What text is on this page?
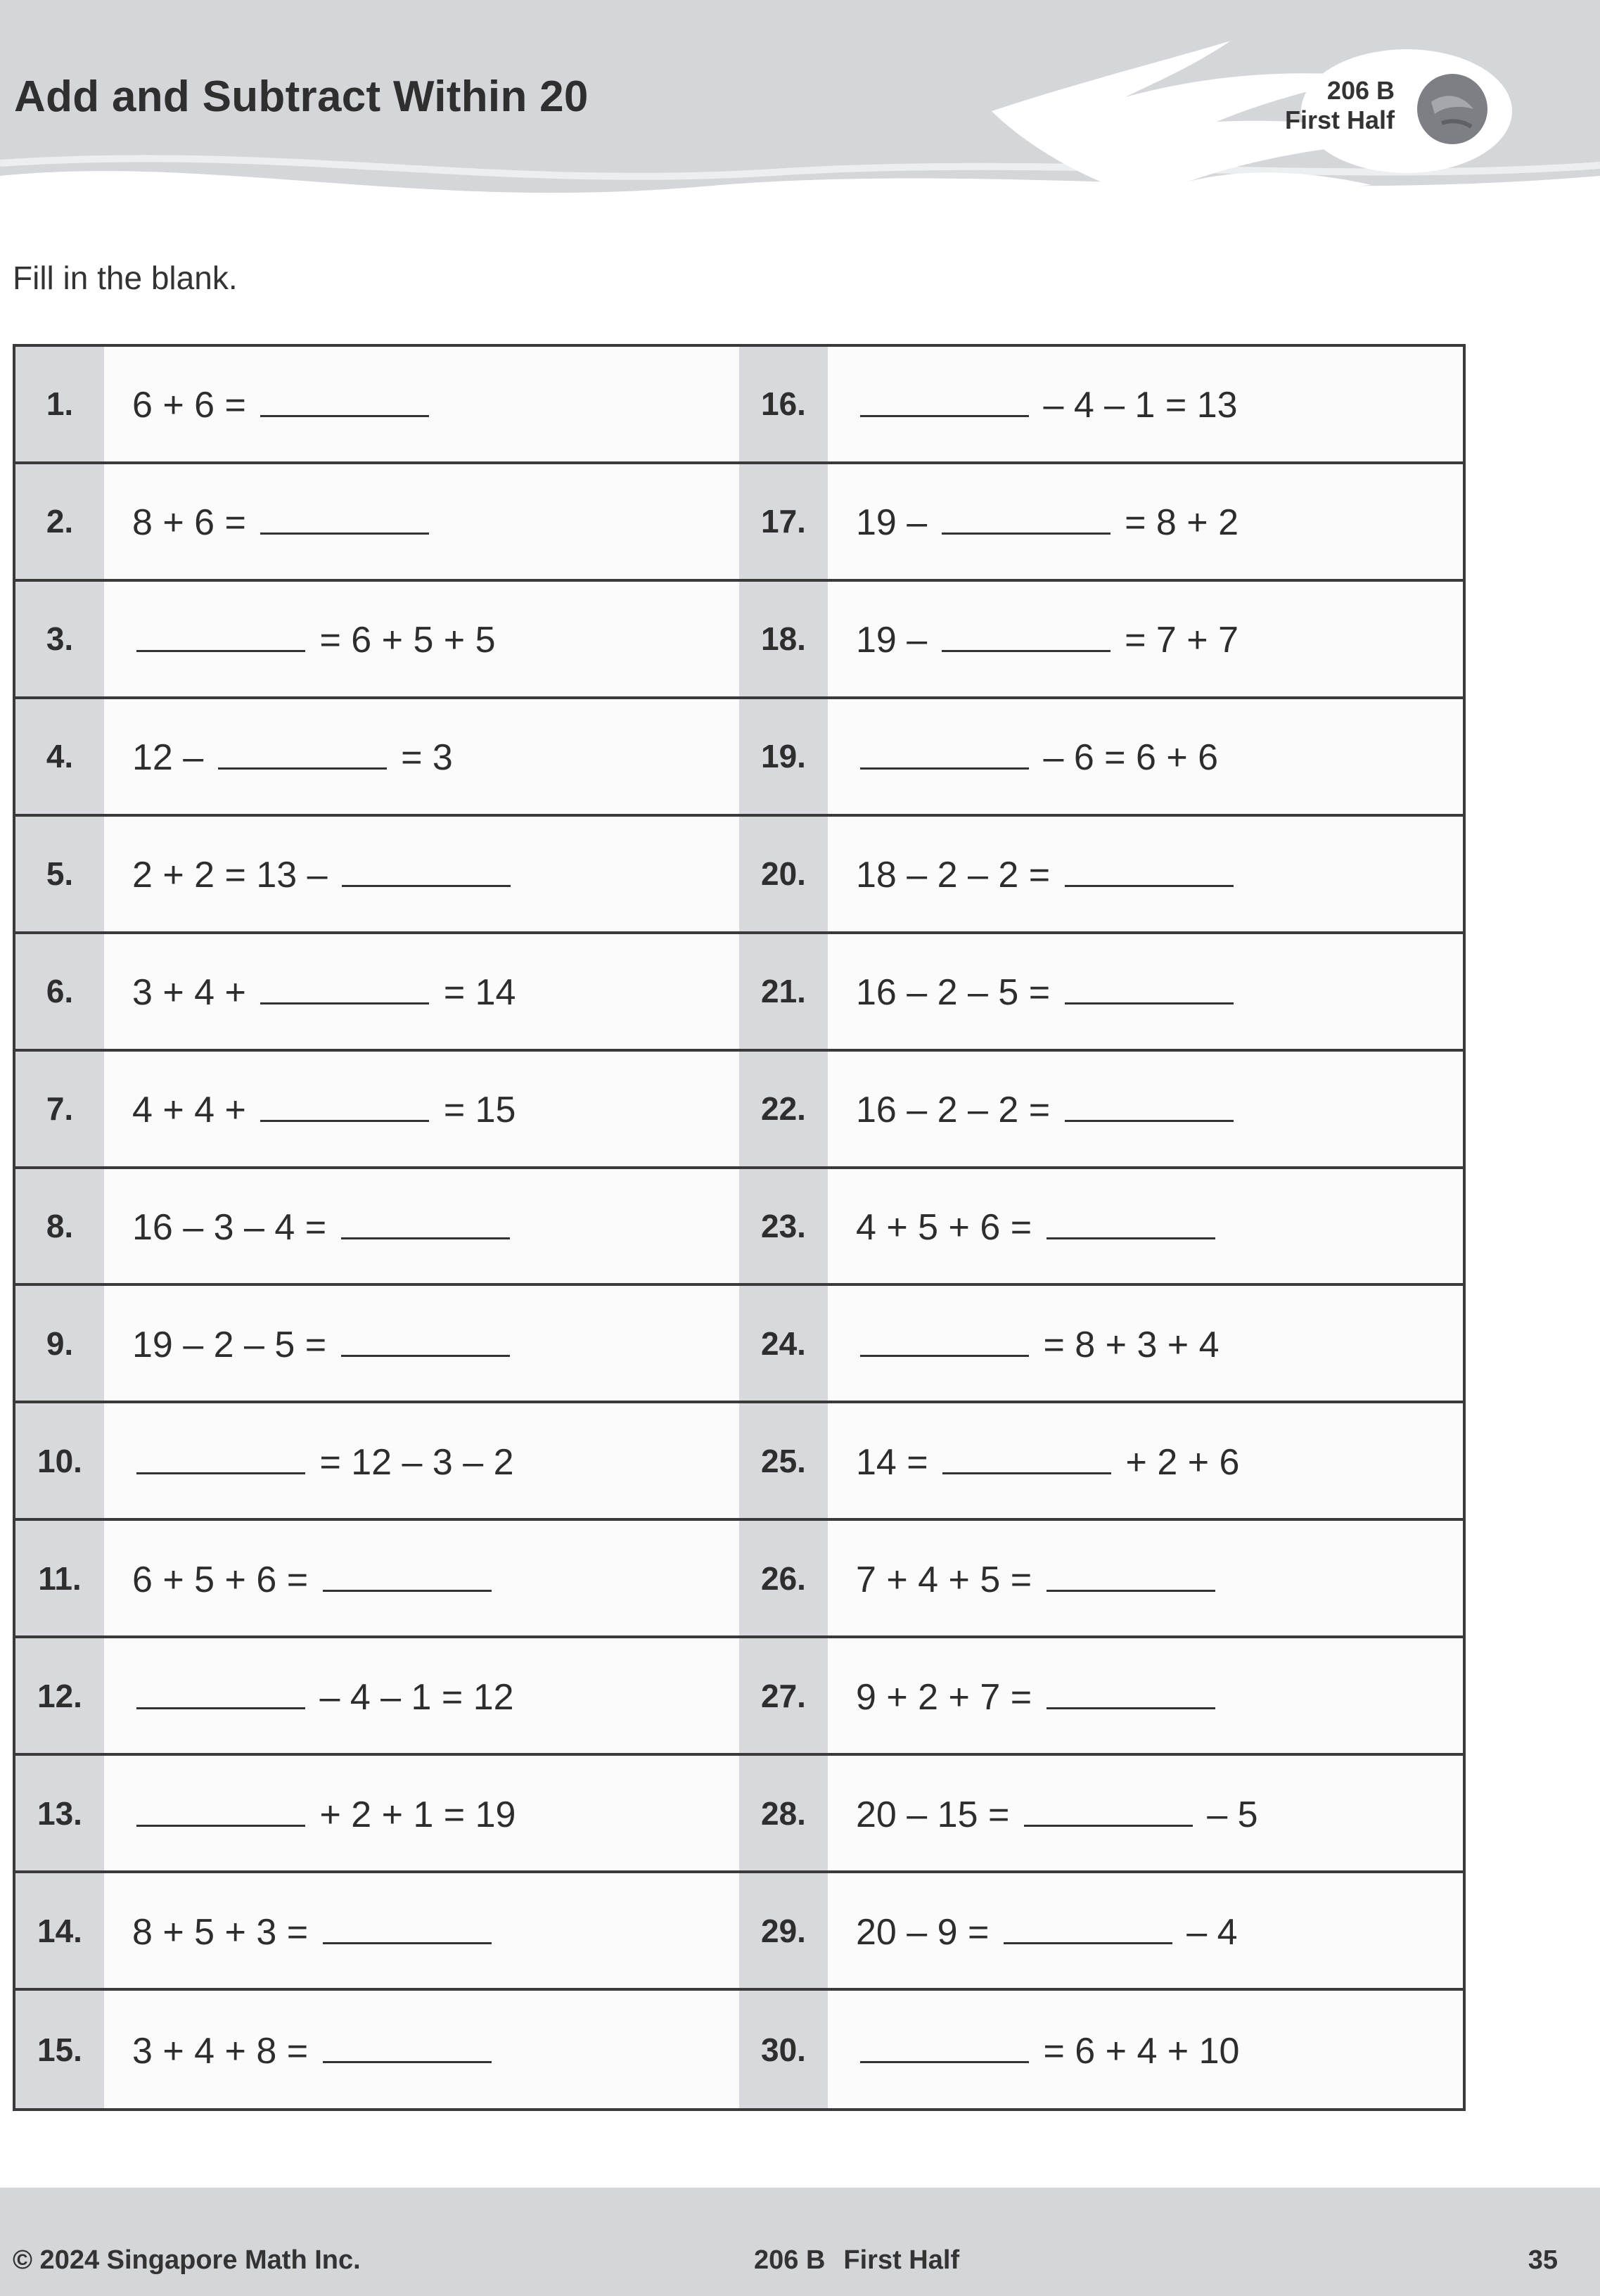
Add and Subtract Within 20	206 B
First Half
Fill in the blank.
1.	6 + 6 =
2.	8 + 6 =
3.	= 6 + 5 + 5
4.	12 –	= 3
5.	2 + 2 = 13 –
6.	3 + 4 +	= 14
7.	4 + 4 +	= 15
8.	16 – 3 – 4 =
9.	19 – 2 – 5 =
10.	= 12 – 3 – 2
11.	6 + 5 + 6 =
12.	– 4 – 1 = 12
13.	+ 2 + 1 = 19
14.	8 + 5 + 3 =
15.	3 + 4 + 8 =
16.	– 4 – 1 = 13
17.	19 –	= 8 + 2
18.	19 –	= 7 + 7
19.	– 6 = 6 + 6
20.	18 – 2 – 2 =
21.	16 – 2 – 5 =
22.	16 – 2 – 2 =
23.	4 + 5 + 6 =
24.	= 8 + 3 + 4
25.	14 =	+ 2 + 6
26.	7 + 4 + 5 =
27.	9 + 2 + 7 =
28.	20 – 15 =	– 5
29.	20 – 9 =	– 4
30.	= 6 + 4 + 10
© 2024 Singapore Math Inc.	206 B First Half	35
